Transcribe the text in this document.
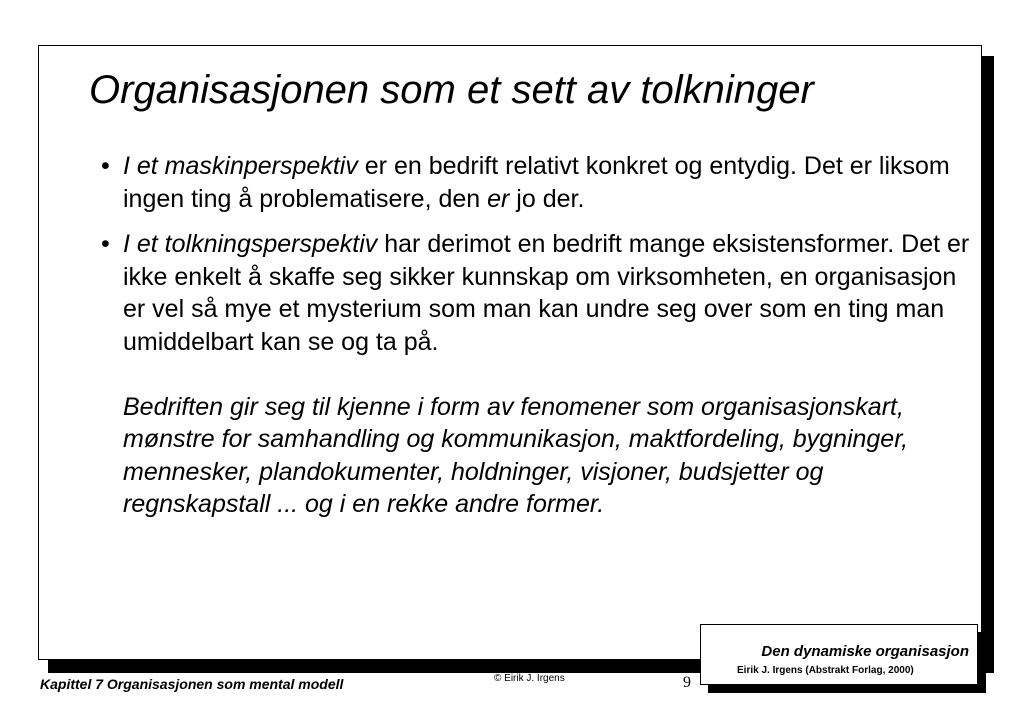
Organisasjonen som et sett av tolkninger
• I et maskinperspektiv er en bedrift relativt konkret og entydig. Det er liksom ingen ting å problematisere, den er jo der.

• I et tolkningsperspektiv har derimot en bedrift mange eksistensformer. Det er ikke enkelt å skaffe seg sikker kunnskap om virksomheten, en organisasjon er vel så mye et mysterium som man kan undre seg over som en ting man umiddelbart kan se og ta på.
Bedriften gir seg til kjenne i form av fenomener som organisasjonskart, mønstre for samhandling og kommunikasjon, maktfordeling, bygninger, mennesker, plandokumenter, holdninger, visjoner, budsjetter og regnskapstall ... og i en rekke andre former.

Den dynamiske organisasjon
Eirik J. Irgens (Abstrakt Forlag, 2000)
Kapittel 7 Organisasjonen som mental modell	© Eirik J. Irgens	9
